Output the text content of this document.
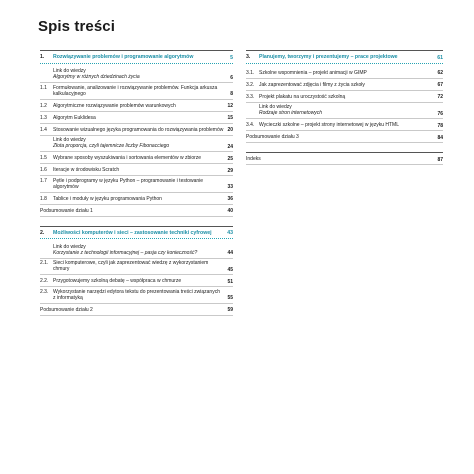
Spis treści
1.	Rozwiązywanie problemów i programowanie algorytmów	5
Link do wiedzy
Algorytmy w różnych dziedzinach życia	6
1.1	Formułowanie, analizowanie i rozwiązywanie problemów. Funkcja arkusza kalkulacyjnego	8
1.2	Algorytmiczne rozwiązywanie problemów warunkowych	12
1.3	Algorytm Euklidesa	15
1.4	Stosowanie wizualnego języka programowania do rozwiązywania problemów 20
Link do wiedzy
Złota proporcja, czyli tajemnicze liczby Fibonacciego	24
1.5	Wybrane sposoby wyszukiwania i sortowania elementów w zbiorze	25
1.6	Iteracje w środowisku Scratch	29
1.7	Pętle i podprogramy w języku Python – programowanie i testowanie algorytmów	33
1.8	Tablice i moduły w języku programowania Python	36
Podsumowanie działu 1	40
2.	Możliwości komputerów i sieci – zastosowanie techniki cyfrowej	43
Link do wiedzy
Korzystanie z technologii informacyjnej – pasja czy konieczność?	44
2.1. Sieci komputerowe, czyli jak zaprezentować wiedzę z wykorzystaniem chmury	45
2.2. Przygotowujemy szkolną debatę – współpraca w chmurze	51
2.3. Wykorzystanie narzędzi edytora tekstu do prezentowania treści związanych z informatyką	55
Podsumowanie działu 2	59
3.	Planujemy, tworzymy i prezentujemy – prace projektowe	61
3.1. Szkolne wspomnienia – projekt animacji w GIMP	62
3.2. Jak zaprezentować zdjęcia i filmy z życia szkoły	67
3.3. Projekt plakatu na uroczystość szkolną	72
Link do wiedzy
Rodzaje stron internetowych	76
3.4. Wycieczki szkolne – projekt strony internetowej w języku HTML	78
Podsumowanie działu 3	84
Indeks	87
